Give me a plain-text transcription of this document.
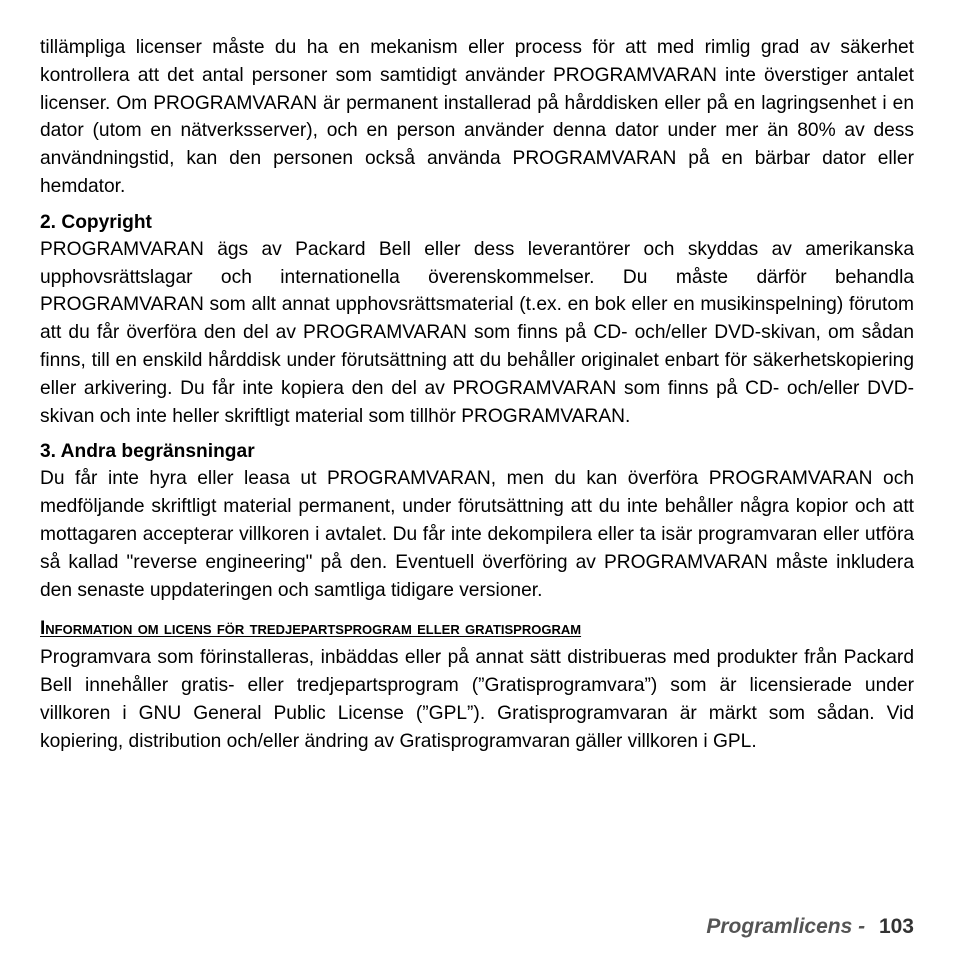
tillämpliga licenser måste du ha en mekanism eller process för att med rimlig grad av säkerhet kontrollera att det antal personer som samtidigt använder PROGRAMVARAN inte överstiger antalet licenser. Om PROGRAMVARAN är permanent installerad på hårddisken eller på en lagringsenhet i en dator (utom en nätverksserver), och en person använder denna dator under mer än 80% av dess användningstid, kan den personen också använda PROGRAMVARAN på en bärbar dator eller hemdator.

2. Copyright

PROGRAMVARAN ägs av Packard Bell eller dess leverantörer och skyddas av amerikanska upphovsrättslagar och internationella överenskommelser. Du måste därför behandla PROGRAMVARAN som allt annat upphovsrättsmaterial (t.ex. en bok eller en musikinspelning) förutom att du får överföra den del av PROGRAMVARAN som finns på CD- och/eller DVD-skivan, om sådan finns, till en enskild hårddisk under förutsättning att du behåller originalet enbart för säkerhetskopiering eller arkivering. Du får inte kopiera den del av PROGRAMVARAN som finns på CD- och/eller DVD-skivan och inte heller skriftligt material som tillhör PROGRAMVARAN.

3. Andra begränsningar

Du får inte hyra eller leasa ut PROGRAMVARAN, men du kan överföra PROGRAMVARAN och medföljande skriftligt material permanent, under förutsättning att du inte behåller några kopior och att mottagaren accepterar villkoren i avtalet. Du får inte dekompilera eller ta isär programvaran eller utföra så kallad "reverse engineering" på den. Eventuell överföring av PROGRAMVARAN måste inkludera den senaste uppdateringen och samtliga tidigare versioner.

Information om licens för tredjepartsprogram eller gratisprogram

Programvara som förinstalleras, inbäddas eller på annat sätt distribueras med produkter från Packard Bell innehåller gratis- eller tredjepartsprogram (”Gratisprogramvara”) som är licensierade under villkoren i GNU General Public License (”GPL”). Gratisprogramvaran är märkt som sådan. Vid kopiering, distribution och/eller ändring av Gratisprogramvaran gäller villkoren i GPL.

Programlicens - 103
